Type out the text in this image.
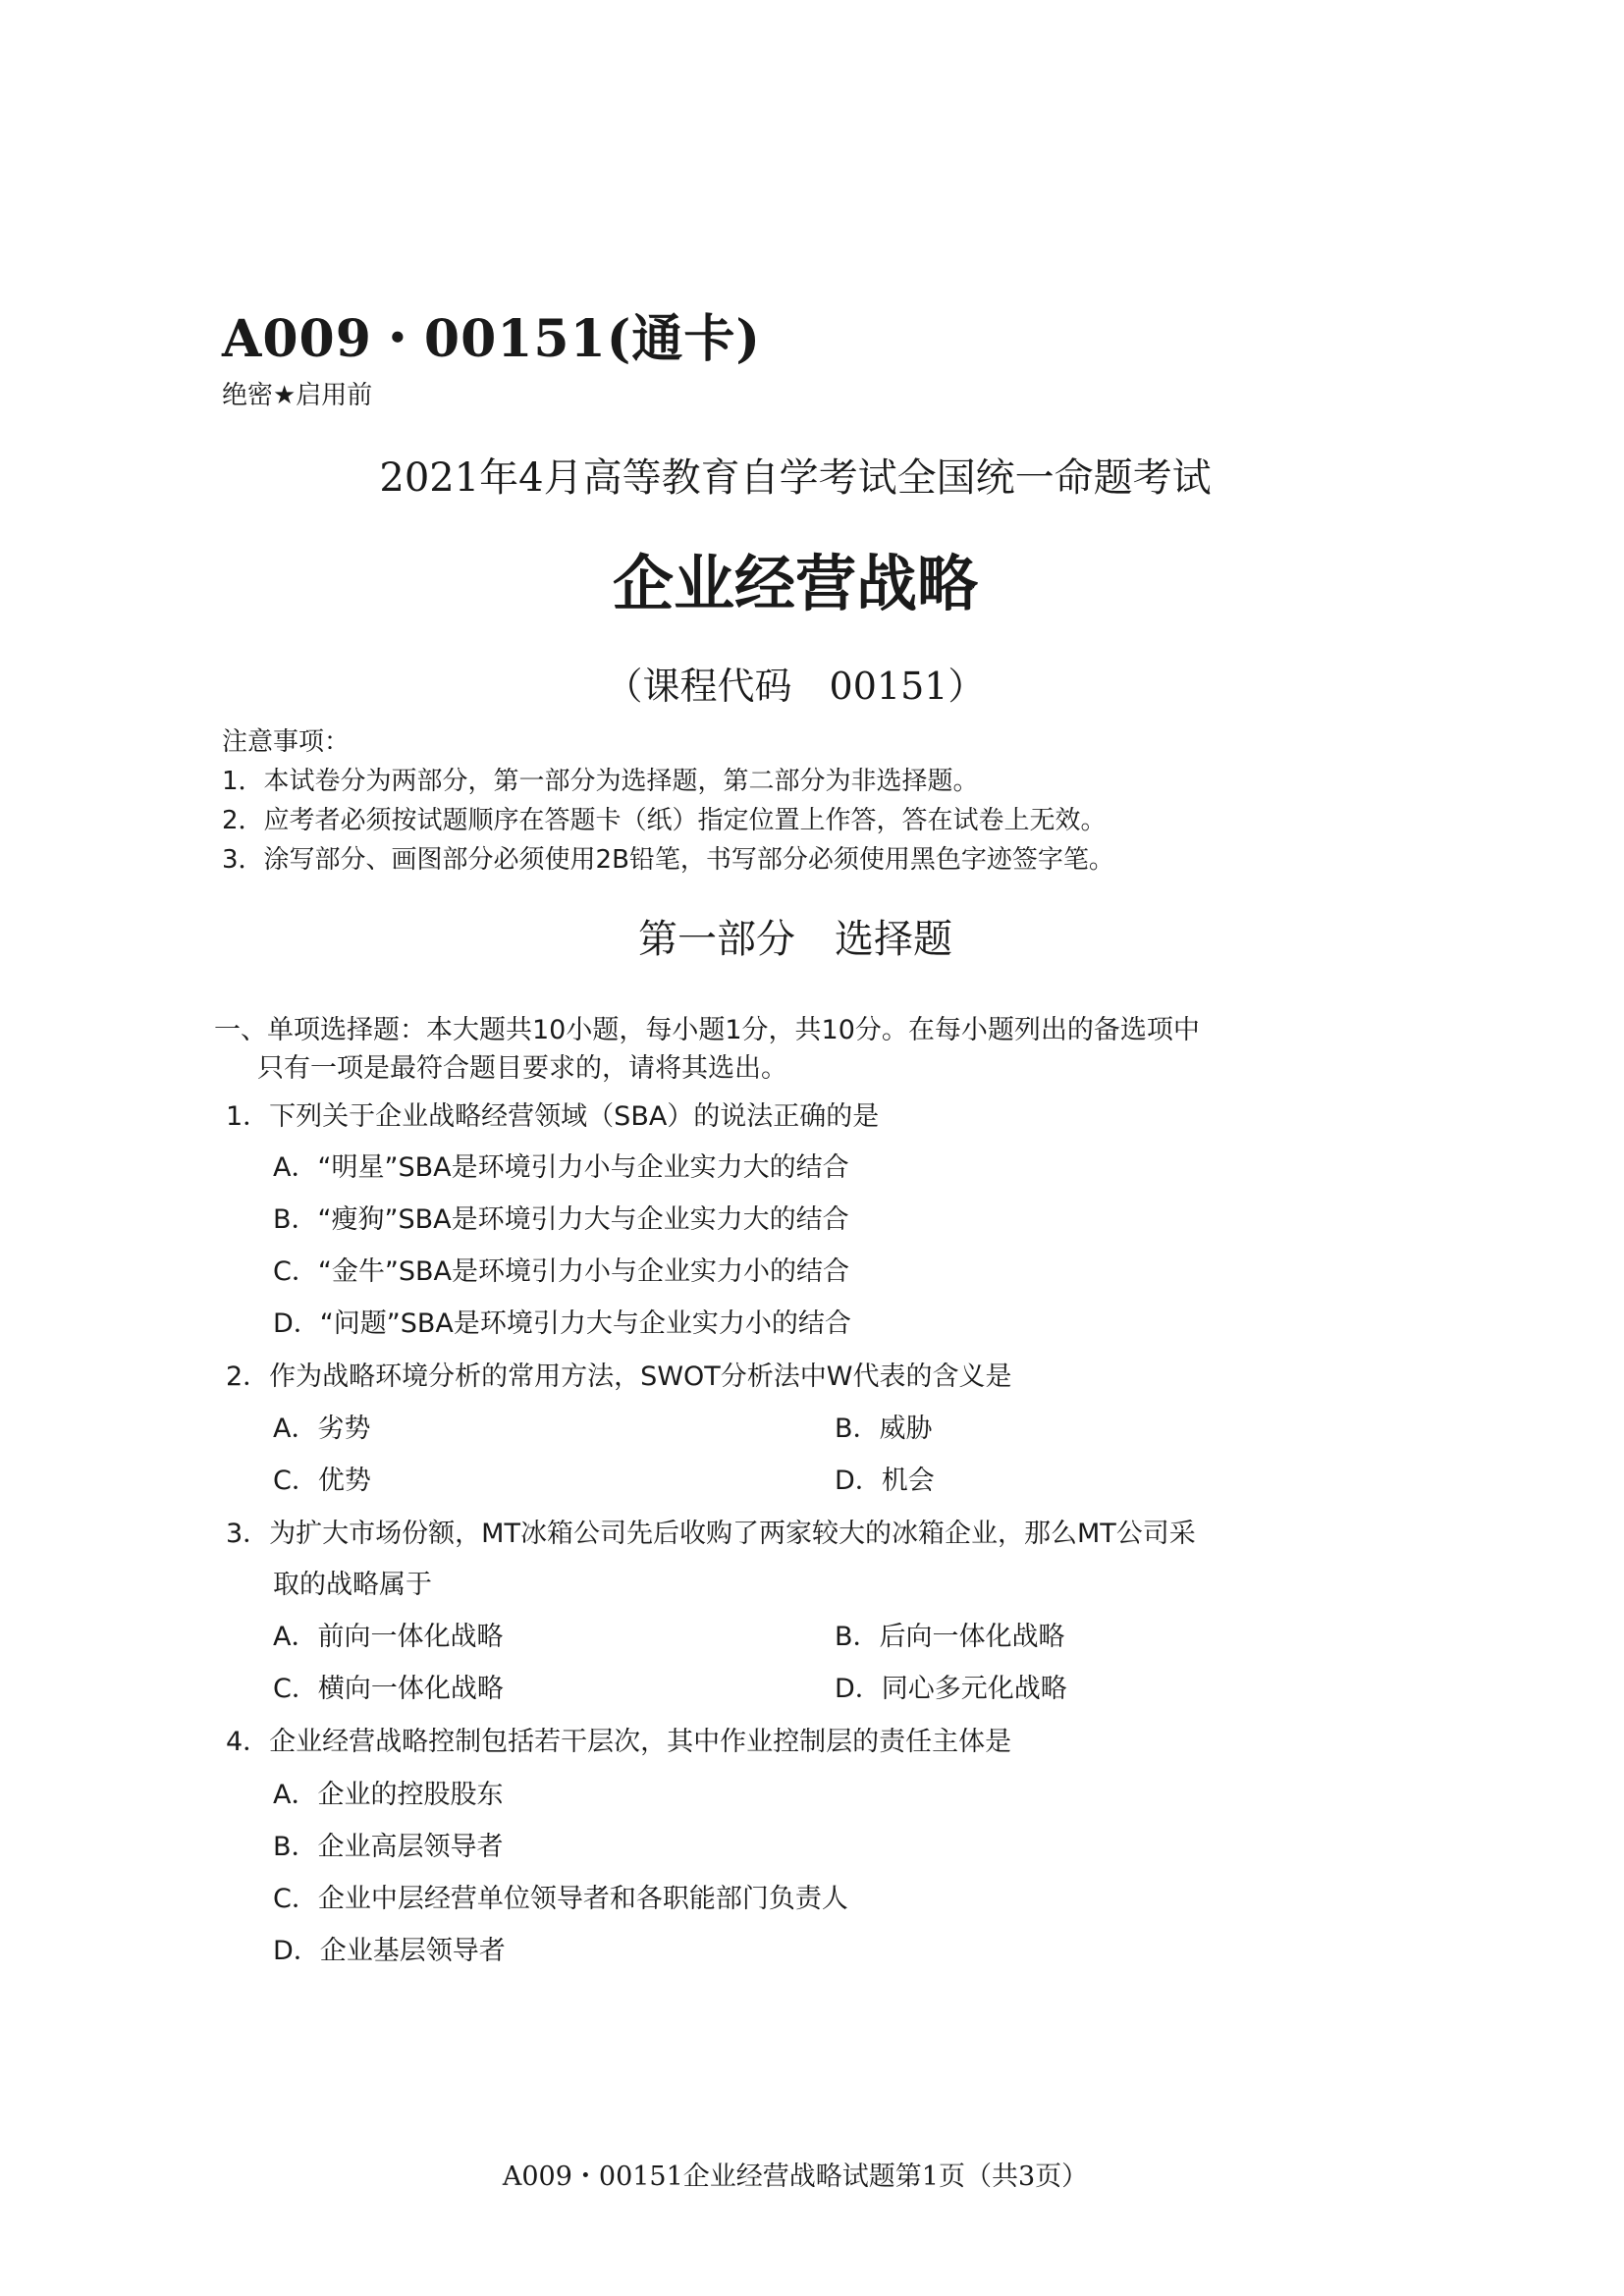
A009・00151(通卡)
绝密★启用前
2021年4月高等教育自学考试全国统一命题考试
企业经营战略
（课程代码　00151）
注意事项：
1．本试卷分为两部分，第一部分为选择题，第二部分为非选择题。
2．应考者必须按试题顺序在答题卡（纸）指定位置上作答，答在试卷上无效。
3．涂写部分、画图部分必须使用2B铅笔，书写部分必须使用黑色字迹签字笔。
第一部分　选择题
一、单项选择题：本大题共10小题，每小题1分，共10分。在每小题列出的备选项中
只有一项是最符合题目要求的，请将其选出。
1．下列关于企业战略经营领域（SBA）的说法正确的是
A．“明星”SBA是环境引力小与企业实力大的结合
B．“瘦狗”SBA是环境引力大与企业实力大的结合
C．“金牛”SBA是环境引力小与企业实力小的结合
D．“问题”SBA是环境引力大与企业实力小的结合
2．作为战略环境分析的常用方法，SWOT分析法中W代表的含义是
A．劣势	B．威胁
C．优势	D．机会
3．为扩大市场份额，MT冰箱公司先后收购了两家较大的冰箱企业，那么MT公司采
取的战略属于
A．前向一体化战略	B．后向一体化战略
C．横向一体化战略	D．同心多元化战略
4．企业经营战略控制包括若干层次，其中作业控制层的责任主体是
A．企业的控股股东
B．企业高层领导者
C．企业中层经营单位领导者和各职能部门负责人
D．企业基层领导者
A009・00151企业经营战略试题第1页（共3页）
